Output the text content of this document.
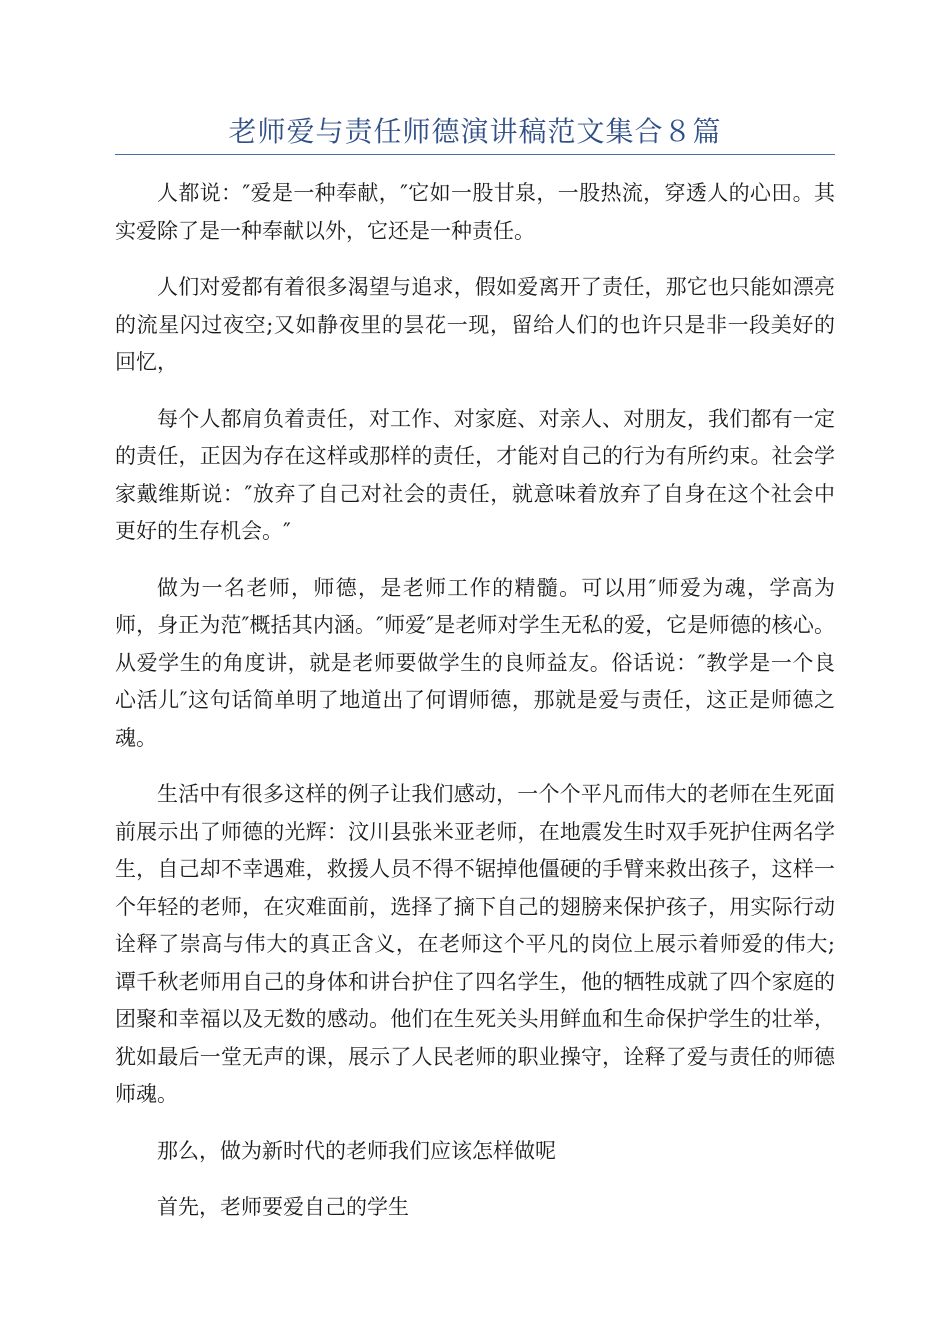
老师爱与责任师德演讲稿范文集合８篇

人都说：″爱是一种奉献，″它如一股甘泉，一股热流，穿透人的心田。其实爱除了是一种奉献以外，它还是一种责任。

人们对爱都有着很多渴望与追求，假如爱离开了责任，那它也只能如漂亮的流星闪过夜空;又如静夜里的昙花一现，留给人们的也许只是非一段美好的回忆，

每个人都肩负着责任，对工作、对家庭、对亲人、对朋友，我们都有一定的责任，正因为存在这样或那样的责任，才能对自己的行为有所约束。社会学家戴维斯说：″放弃了自己对社会的责任，就意味着放弃了自身在这个社会中更好的生存机会。″

做为一名老师，师德，是老师工作的精髓。可以用″师爱为魂，学高为师，身正为范″概括其内涵。″师爱″是老师对学生无私的爱，它是师德的核心。从爱学生的角度讲，就是老师要做学生的良师益友。俗话说：″教学是一个良心活儿″这句话简单明了地道出了何谓师德，那就是爱与责任，这正是师德之魂。

生活中有很多这样的例子让我们感动，一个个平凡而伟大的老师在生死面前展示出了师德的光辉：汶川县张米亚老师，在地震发生时双手死护住两名学生，自己却不幸遇难，救援人员不得不锯掉他僵硬的手臂来救出孩子，这样一个年轻的老师，在灾难面前，选择了摘下自己的翅膀来保护孩子，用实际行动诠释了崇高与伟大的真正含义，在老师这个平凡的岗位上展示着师爱的伟大;谭千秋老师用自己的身体和讲台护住了四名学生，他的牺牲成就了四个家庭的团聚和幸福以及无数的感动。他们在生死关头用鲜血和生命保护学生的壮举，犹如最后一堂无声的课，展示了人民老师的职业操守，诠释了爱与责任的师德师魂。

那么，做为新时代的老师我们应该怎样做呢

首先，老师要爱自己的学生
